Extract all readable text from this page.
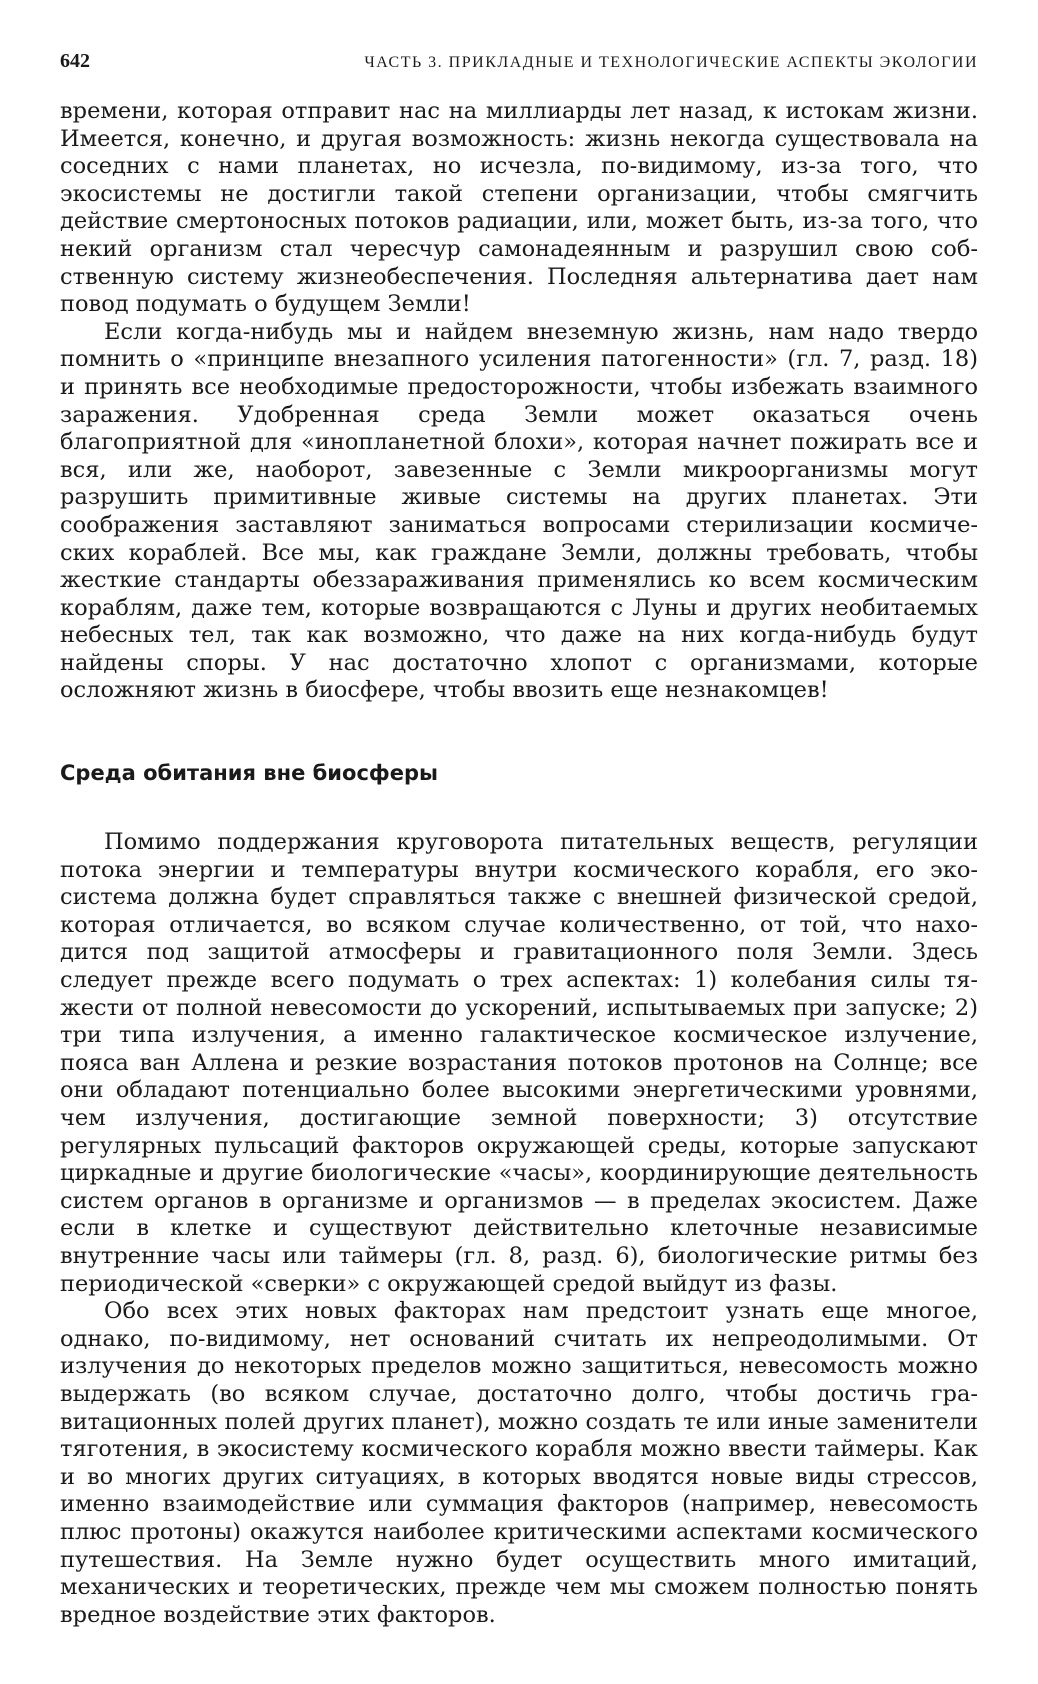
642	ЧАСТЬ 3. ПРИКЛАДНЫЕ И ТЕХНОЛОГИЧЕСКИЕ АСПЕКТЫ ЭКОЛОГИИ

времени, которая отправит нас на миллиарды лет назад, к истокам жизни. Имеется, конечно, и другая возможность: жизнь некогда существовала на соседних с нами планетах, но исчезла, по-видимому, из-за того, что экосистемы не достигли такой степени организации, чтобы смягчить действие смертоносных потоков радиации, или, может быть, из-за того, что некий организм стал чересчур самонадеянным и разрушил свою собственную систему жизнеобеспечения. Последняя альтернатива дает нам повод подумать о будущем Земли!

Если когда-нибудь мы и найдем внеземную жизнь, нам надо твердо помнить о «принципе внезапного усиления патогенности» (гл. 7, разд. 18) и принять все необходимые предосторожности, чтобы избежать взаимного заражения. Удобренная среда Земли может оказаться очень благоприятной для «инопланетной блохи», которая начнет пожирать все и вся, или же, наоборот, завезенные с Земли микроорганизмы могут разрушить примитивные живые системы на других планетах. Эти соображения заставляют заниматься вопросами стерилизации космических кораблей. Все мы, как граждане Земли, должны требовать, чтобы жесткие стандарты обеззараживания применялись ко всем космическим кораблям, даже тем, которые возвращаются с Луны и других необитаемых небесных тел, так как возможно, что даже на них когда-нибудь будут найдены споры. У нас достаточно хлопот с организмами, которые осложняют жизнь в биосфере, чтобы ввозить еще незнакомцев!

Среда обитания вне биосферы

Помимо поддержания круговорота питательных веществ, регуляции потока энергии и температуры внутри космического корабля, его экосистема должна будет справляться также с внешней физической средой, которая отличается, во всяком случае количественно, от той, что находится под защитой атмосферы и гравитационного поля Земли. Здесь следует прежде всего подумать о трех аспектах: 1) колебания силы тяжести от полной невесомости до ускорений, испытываемых при запуске; 2) три типа излучения, а именно галактическое космическое излучение, пояса ван Аллена и резкие возрастания потоков протонов на Солнце; все они обладают потенциально более высокими энергетическими уровнями, чем излучения, достигающие земной поверхности; 3) отсутствие регулярных пульсаций факторов окружающей среды, которые запускают циркадные и другие биологические «часы», координирующие деятельность систем органов в организме и организмов — в пределах экосистем. Даже если в клетке и существуют действительно клеточные независимые внутренние часы или таймеры (гл. 8, разд. 6), биологические ритмы без периодической «сверки» с окружающей средой выйдут из фазы.

Обо всех этих новых факторах нам предстоит узнать еще многое, однако, по-видимому, нет оснований считать их непреодолимыми. От излучения до некоторых пределов можно защититься, невесомость можно выдержать (во всяком случае, достаточно долго, чтобы достичь гравитационных полей других планет), можно создать те или иные заменители тяготения, в экосистему космического корабля можно ввести таймеры. Как и во многих других ситуациях, в которых вводятся новые виды стрессов, именно взаимодействие или суммация факторов (например, невесомость плюс протоны) окажутся наиболее критическими аспектами космического путешествия. На Земле нужно будет осуществить много имитаций, механических и теоретических, прежде чем мы сможем полностью понять вредное воздействие этих факторов.
